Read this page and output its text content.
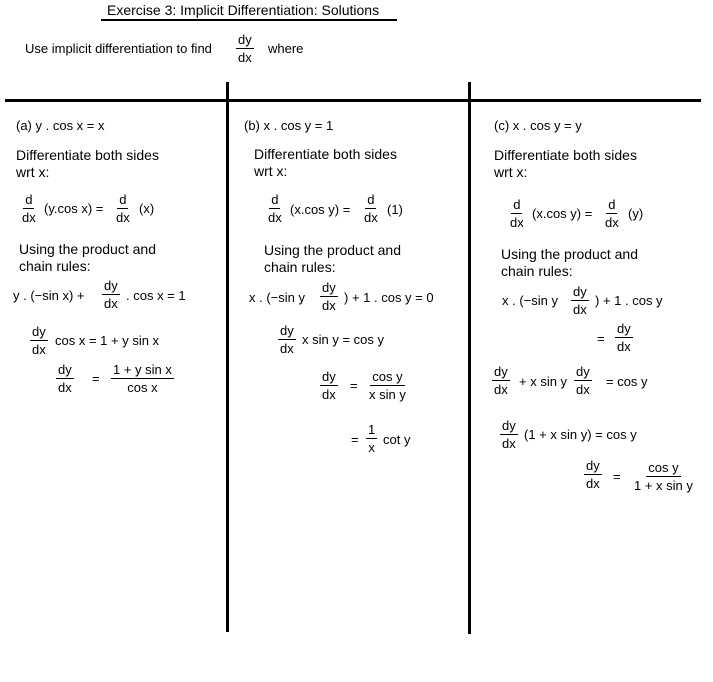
Exercise 3: Implicit Differentiation: Solutions
Use implicit differentiation to find $\frac{dy}{dx}$ where
(a) y . cos x = x
Differentiate both sides
wrt x:
$\frac{d}{dx} (y.\cos$ $x) = \frac{d}{dx} (x)$
Using the product and
chain rules:
y . (−sin $x) + \frac{dy}{dx}$ . cos x = 1
$\frac{dy}{dx}$ cos x = 1 + y sin x
$\frac{dy}{dx} = \frac{\text{1 + y sin x}}{\text{cos x}}$
(b) x . cos y = 1
Differentiate both sides
wrt x:
$\frac{d}{dx} (x.\cos$ $y) = \frac{d}{dx} (1)$
Using the product and
chain rules:
x . (−sin y $\frac{dy}{dx}$ ) + 1 . cos y = 0
$\frac{dy}{dx}$ x sin y = cos y
$\frac{dy}{dx} = \frac{\text{cos y}}{\text{x sin y}}$
= $\frac{1}{x}$ cot y
(c) x . cos y = y
Differentiate both sides
wrt x:
$\frac{d}{dx} (x.\cos$ $y) = \frac{d}{dx} (y)$
Using the product and
chain rules:
x . (−sin y $\frac{dy}{dx}$ ) + 1 . cos y
= $\frac{dy}{dx}$
$\frac{dy}{dx} + x$ sin y $\frac{dy}{dx} = \cos y$
$\frac{dy}{dx} (1 + x$ sin y) = cos y
$\frac{dy}{dx} = \frac{\text{cos y}}{\text{1 + x sin y}}$
